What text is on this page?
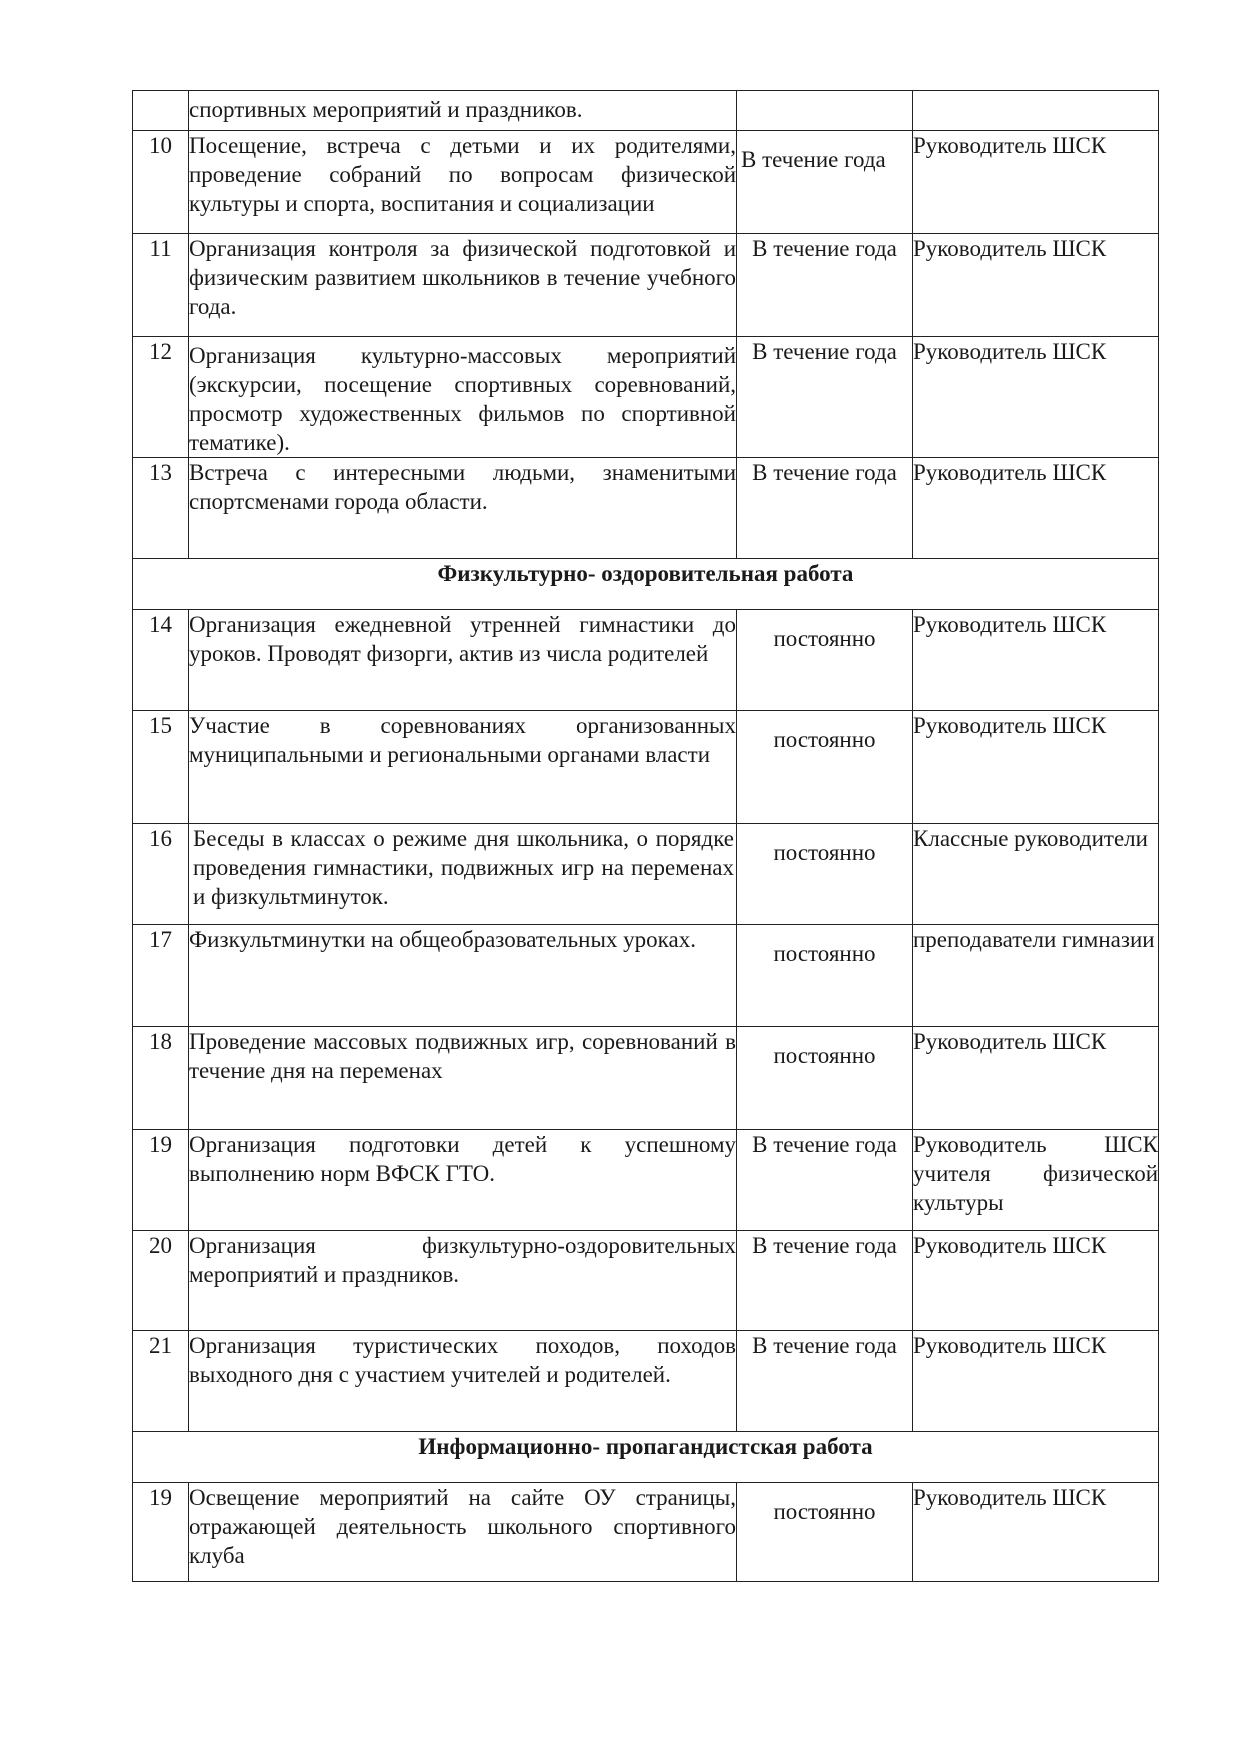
	спортивных мероприятий и праздников.		
10	Посещение, встреча с детьми и их родителями, проведение собраний по вопросам физической культуры и спорта, воспитания и социализации	В течение года	Руководитель ШСК
11	Организация контроля за физической подготовкой и физическим развитием школьников в течение учебного года.	В течение года	Руководитель ШСК
12	Организация культурно-массовых мероприятий (экскурсии, посещение спортивных соревнований, просмотр художественных фильмов по спортивной тематике).	В течение года	Руководитель ШСК
13	Встреча с интересными людьми, знаменитыми спортсменами города области.	В течение года	Руководитель ШСК
Физкультурно- оздоровительная работа			
14	Организация ежедневной утренней гимнастики до уроков. Проводят физорги, актив из числа родителей	постоянно	Руководитель ШСК
15	Участие в соревнованиях организованных муниципальными и региональными органами власти	постоянно	Руководитель ШСК
16	Беседы в классах о режиме дня школьника, о порядке проведения гимнастики, подвижных игр на переменах и физкультминуток.	постоянно	Классные руководители
17	Физкультминутки на общеобразовательных уроках.	постоянно	преподаватели гимназии
18	Проведение массовых подвижных игр, соревнований в течение дня на переменах	постоянно	Руководитель ШСК
19	Организация подготовки детей к успешному выполнению норм ВФСК ГТО.	В течение года	Руководитель ШСК учителя физической культуры
20	Организация физкультурно-оздоровительных мероприятий и праздников.	В течение года	Руководитель ШСК
21	Организация туристических походов, походов выходного дня с участием учителей и родителей.	В течение года	Руководитель ШСК
Информационно- пропагандистская работа			
19	Освещение мероприятий на сайте ОУ страницы, отражающей деятельность школьного спортивного клуба	постоянно	Руководитель ШСК
